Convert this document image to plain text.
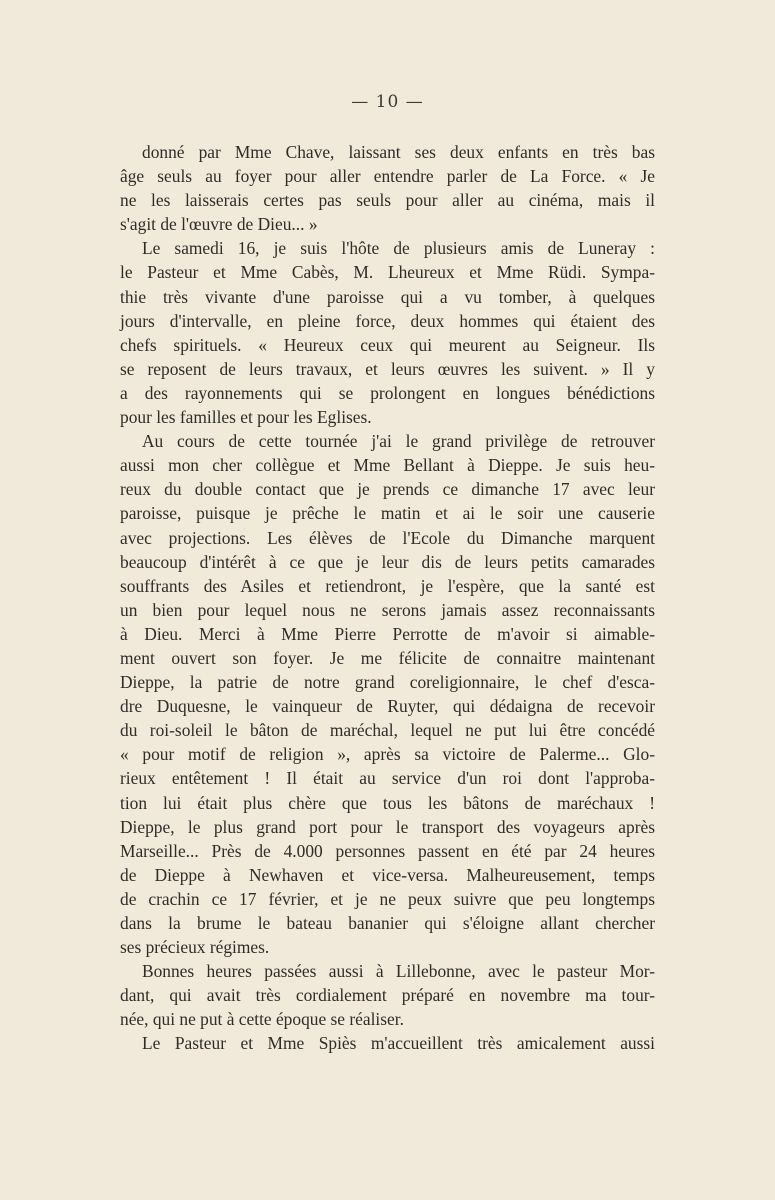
— 10 —
donné par Mme Chave, laissant ses deux enfants en très bas
âge seuls au foyer pour aller entendre parler de La Force. « Je
ne les laisserais certes pas seuls pour aller au cinéma, mais il
s'agit de l'œuvre de Dieu... »
Le samedi 16, je suis l'hôte de plusieurs amis de Luneray :
le Pasteur et Mme Cabès, M. Lheureux et Mme Rüdi. Sympa-
thie très vivante d'une paroisse qui a vu tomber, à quelques
jours d'intervalle, en pleine force, deux hommes qui étaient des
chefs spirituels. « Heureux ceux qui meurent au Seigneur. Ils
se reposent de leurs travaux, et leurs œuvres les suivent. » Il y
a des rayonnements qui se prolongent en longues bénédictions
pour les familles et pour les Eglises.
Au cours de cette tournée j'ai le grand privilège de retrouver
aussi mon cher collègue et Mme Bellant à Dieppe. Je suis heu-
reux du double contact que je prends ce dimanche 17 avec leur
paroisse, puisque je prêche le matin et ai le soir une causerie
avec projections. Les élèves de l'Ecole du Dimanche marquent
beaucoup d'intérêt à ce que je leur dis de leurs petits camarades
souffrants des Asiles et retiendront, je l'espère, que la santé est
un bien pour lequel nous ne serons jamais assez reconnaissants
à Dieu. Merci à Mme Pierre Perrotte de m'avoir si aimable-
ment ouvert son foyer. Je me félicite de connaitre maintenant
Dieppe, la patrie de notre grand coreligionnaire, le chef d'esca-
dre Duquesne, le vainqueur de Ruyter, qui dédaigna de recevoir
du roi-soleil le bâton de maréchal, lequel ne put lui être concédé
« pour motif de religion », après sa victoire de Palerme... Glo-
rieux entêtement ! Il était au service d'un roi dont l'approba-
tion lui était plus chère que tous les bâtons de maréchaux !
Dieppe, le plus grand port pour le transport des voyageurs après
Marseille... Près de 4.000 personnes passent en été par 24 heures
de Dieppe à Newhaven et vice-versa. Malheureusement, temps
de crachin ce 17 février, et je ne peux suivre que peu longtemps
dans la brume le bateau bananier qui s'éloigne allant chercher
ses précieux régimes.
Bonnes heures passées aussi à Lillebonne, avec le pasteur Mor-
dant, qui avait très cordialement préparé en novembre ma tour-
née, qui ne put à cette époque se réaliser.
Le Pasteur et Mme Spiès m'accueillent très amicalement aussi
